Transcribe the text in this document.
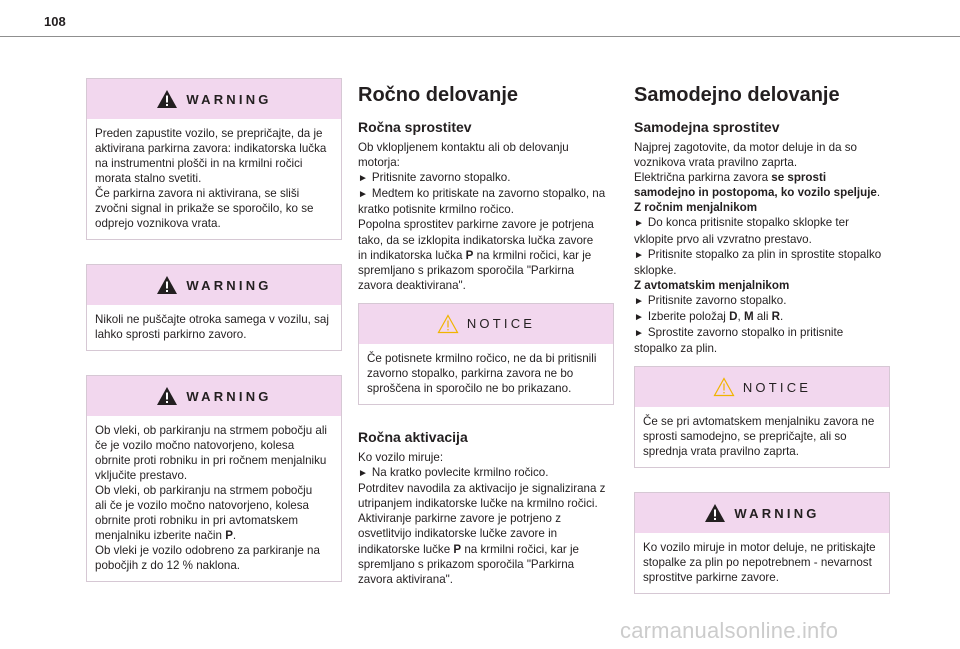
108
WARNING
Preden zapustite vozilo, se prepričajte, da je
aktivirana parkirna zavora: indikatorska lučka
na instrumentni plošči in na krmilni ročici
morata stalno svetiti.
Če parkirna zavora ni aktivirana, se sliši
zvočni signal in prikaže se sporočilo, ko se
odprejo voznikova vrata.
WARNING
Nikoli ne puščajte otroka samega v vozilu, saj
lahko sprosti parkirno zavoro.
WARNING
Ob vleki, ob parkiranju na strmem pobočju ali
če je vozilo močno natovorjeno, kolesa
obrnite proti robniku in pri ročnem menjalniku
vključite prestavo.
Ob vleki, ob parkiranju na strmem pobočju
ali če je vozilo močno natovorjeno, kolesa
obrnite proti robniku in pri avtomatskem
menjalniku izberite način P.
Ob vleki je vozilo odobreno za parkiranje na
pobočjih z do 12 % naklona.
Ročno delovanje
Ročna sprostitev

Ob vklopljenem kontaktu ali ob delovanju
motorja:
► Pritisnite zavorno stopalko.
► Medtem ko pritiskate na zavorno stopalko, na
kratko potisnite krmilno ročico.
Popolna sprostitev parkirne zavore je potrjena
tako, da se izklopita indikatorska lučka zavore
in indikatorska lučka P na krmilni ročici, kar je
spremljano s prikazom sporočila "Parkirna
zavora deaktivirana".

NOTICE
Če potisnete krmilno ročico, ne da bi pritisnili
zavorno stopalko, parkirna zavora ne bo
sproščena in sporočilo ne bo prikazano.
Ročna aktivacija

Ko vozilo miruje:
► Na kratko povlecite krmilno ročico.
Potrditev navodila za aktivacijo je signalizirana z
utripanjem indikatorske lučke na krmilno ročici.
Aktiviranje parkirne zavore je potrjeno z
osvetlitvijo indikatorske lučke zavore in
indikatorske lučke P na krmilni ročici, kar je
spremljano s prikazom sporočila "Parkirna
zavora aktivirana".

Samodejno delovanje
Samodejna sprostitev

Najprej zagotovite, da motor deluje in da so
voznikova vrata pravilno zaprta.
Električna parkirna zavora se sprosti
samodejno in postopoma, ko vozilo spelјuje.
Z ročnim menjalnikom
► Do konca pritisnite stopalko sklopke ter
vklopite prvo ali vzvratno prestavo.
► Pritisnite stopalko za plin in sprostite stopalko
sklopke.
Z avtomatskim menjalnikom
► Pritisnite zavorno stopalko.
► Izberite položaj D, M ali R.
► Sprostite zavorno stopalko in pritisnite
stopalko za plin.

NOTICE
Če se pri avtomatskem menjalniku zavora ne
sprosti samodejno, se prepričajte, ali so
sprednja vrata pravilno zaprta.
WARNING
Ko vozilo miruje in motor deluje, ne pritiskajte
stopalke za plin po nepotrebnem - nevarnost
sprostitve parkirne zavore.
carmanualsonline.info
